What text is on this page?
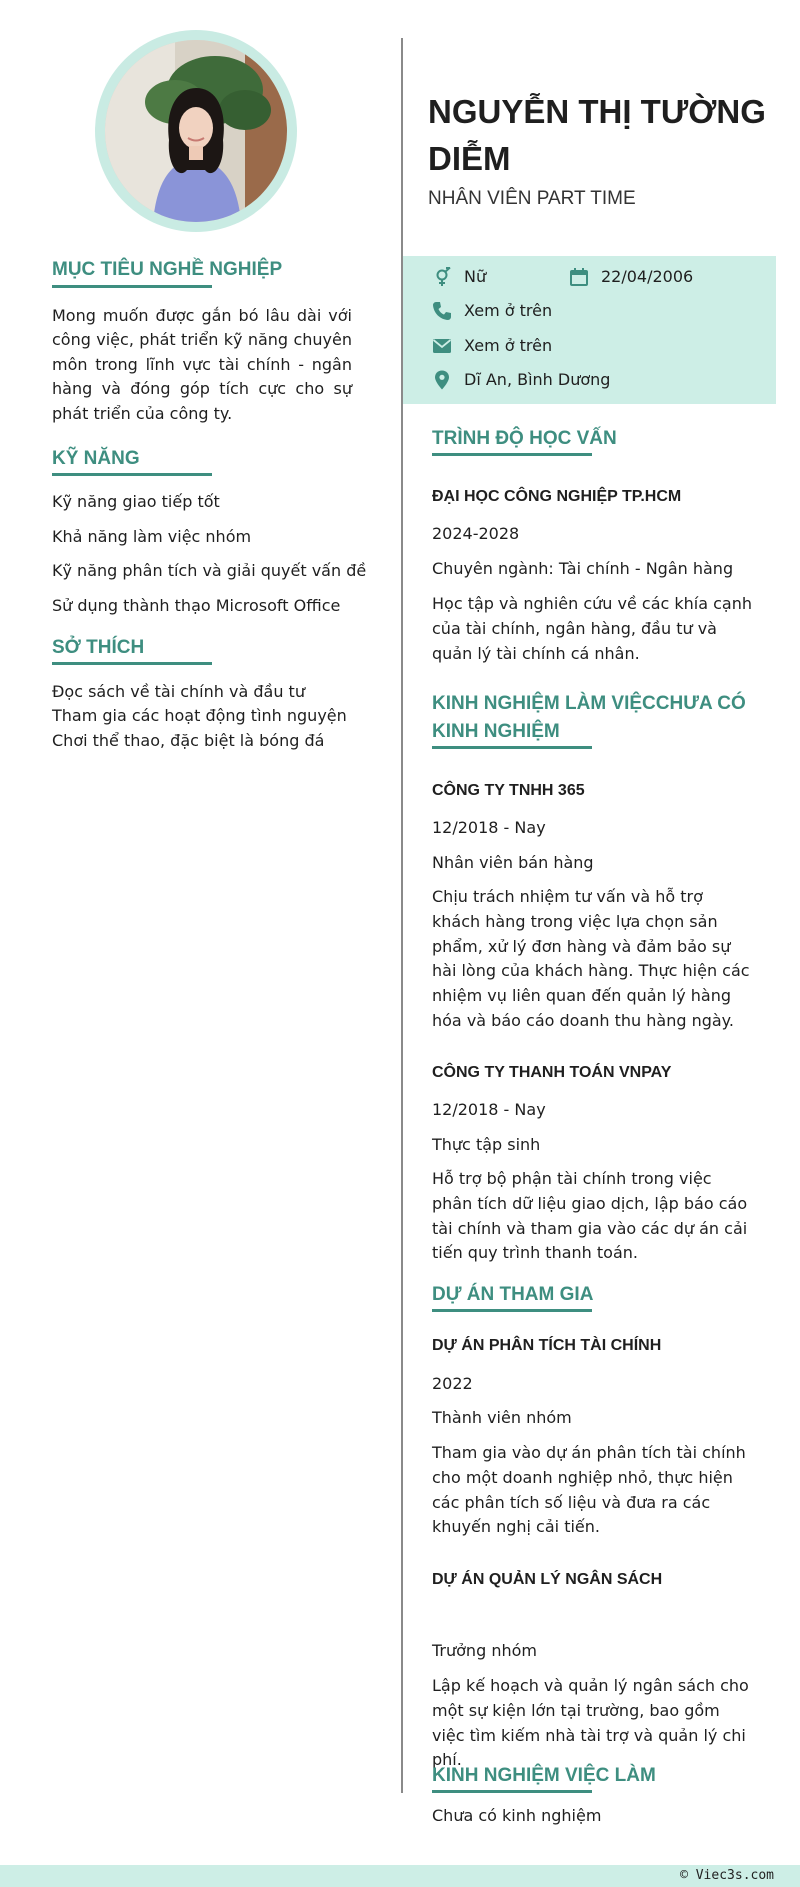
MỤC TIÊU NGHỀ NGHIỆP
Mong muốn được gắn bó lâu dài với công việc, phát triển kỹ năng chuyên môn trong lĩnh vực tài chính - ngân hàng và đóng góp tích cực cho sự phát triển của công ty.
KỸ NĂNG
Kỹ năng giao tiếp tốt
Khả năng làm việc nhóm
Kỹ năng phân tích và giải quyết vấn đề
Sử dụng thành thạo Microsoft Office
SỞ THÍCH
Đọc sách về tài chính và đầu tư
Tham gia các hoạt động tình nguyện
Chơi thể thao, đặc biệt là bóng đá
NGUYỄN THỊ TƯỜNG DIỄM
NHÂN VIÊN PART TIME
Nữ	22/04/2006
Xem ở trên
Xem ở trên
Dĩ An, Bình Dương
TRÌNH ĐỘ HỌC VẤN
ĐẠI HỌC CÔNG NGHIỆP TP.HCM
2024-2028
Chuyên ngành: Tài chính - Ngân hàng
Học tập và nghiên cứu về các khía cạnh của tài chính, ngân hàng, đầu tư và quản lý tài chính cá nhân.
KINH NGHIỆM LÀM VIỆCCHƯA CÓ KINH NGHIỆM
CÔNG TY TNHH 365
12/2018 - Nay
Nhân viên bán hàng
Chịu trách nhiệm tư vấn và hỗ trợ khách hàng trong việc lựa chọn sản phẩm, xử lý đơn hàng và đảm bảo sự hài lòng của khách hàng. Thực hiện các nhiệm vụ liên quan đến quản lý hàng hóa và báo cáo doanh thu hàng ngày.
CÔNG TY THANH TOÁN VNPAY
12/2018 - Nay
Thực tập sinh
Hỗ trợ bộ phận tài chính trong việc phân tích dữ liệu giao dịch, lập báo cáo tài chính và tham gia vào các dự án cải tiến quy trình thanh toán.
DỰ ÁN THAM GIA
DỰ ÁN PHÂN TÍCH TÀI CHÍNH
2022
Thành viên nhóm
Tham gia vào dự án phân tích tài chính cho một doanh nghiệp nhỏ, thực hiện các phân tích số liệu và đưa ra các khuyến nghị cải tiến.
DỰ ÁN QUẢN LÝ NGÂN SÁCH
Trưởng nhóm
Lập kế hoạch và quản lý ngân sách cho một sự kiện lớn tại trường, bao gồm việc tìm kiếm nhà tài trợ và quản lý chi phí.
KINH NGHIỆM VIỆC LÀM
Chưa có kinh nghiệm
© Viec3s.com
